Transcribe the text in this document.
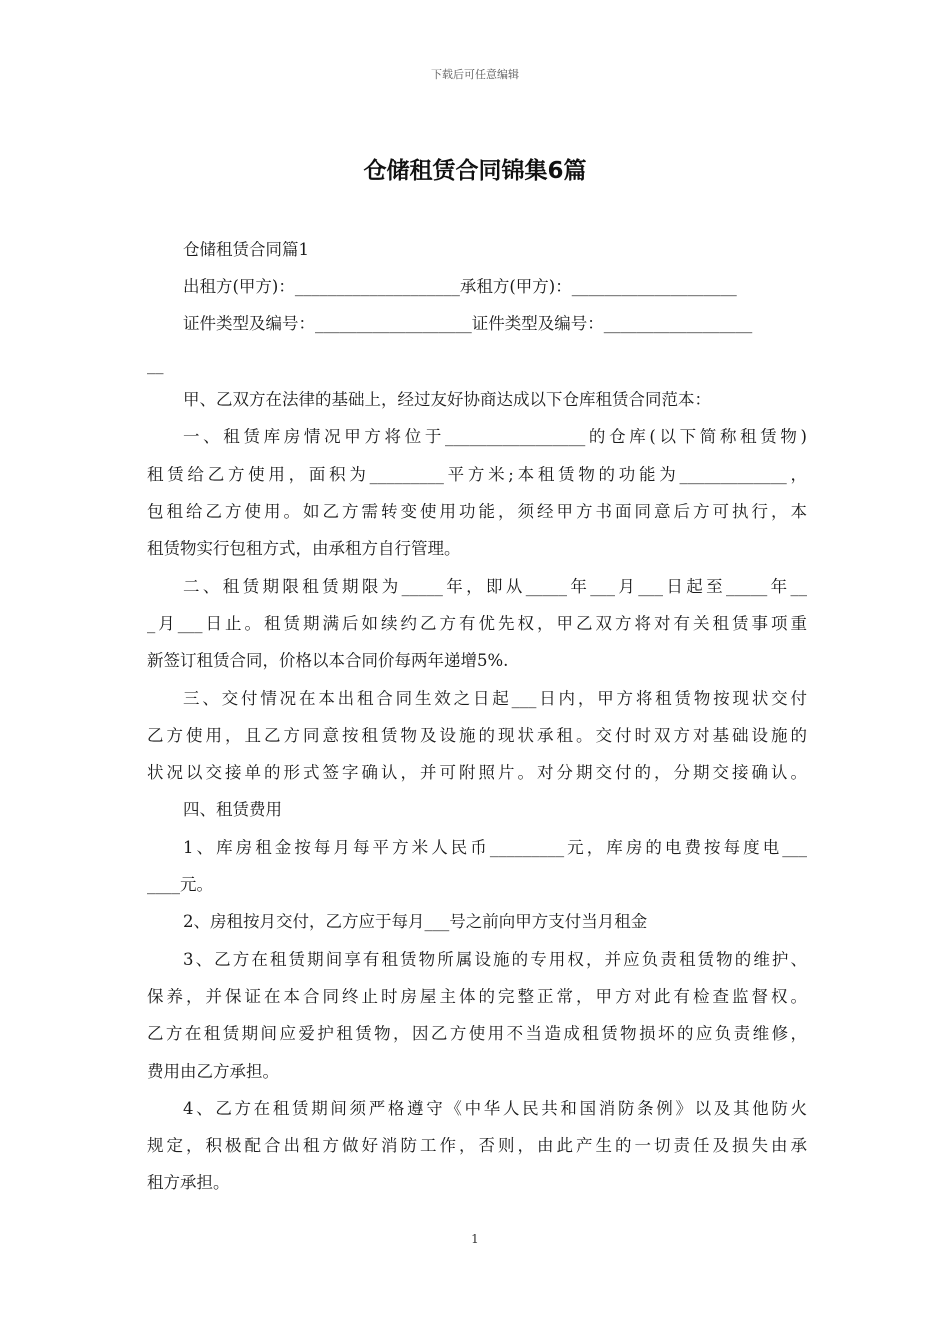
下载后可任意编辑
仓储租赁合同锦集6篇
仓储租赁合同篇1
出租方(甲方)：____________________承租方(甲方)：____________________
证件类型及编号：___________________证件类型及编号：__________________
__
甲、乙双方在法律的基础上，经过友好协商达成以下仓库租赁合同范本：
一、租赁库房情况甲方将位于_________________的仓库(以下简称租赁物)
租赁给乙方使用，面积为_________平方米;本租赁物的功能为_____________，
包租给乙方使用。如乙方需转变使用功能，须经甲方书面同意后方可执行，本
租赁物实行包租方式，由承租方自行管理。
二、租赁期限租赁期限为_____年，即从_____年___月___日起至_____年__
_月___日止。租赁期满后如续约乙方有优先权，甲乙双方将对有关租赁事项重
新签订租赁合同，价格以本合同价每两年递增5%.
三、交付情况在本出租合同生效之日起___日内，甲方将租赁物按现状交付
乙方使用，且乙方同意按租赁物及设施的现状承租。交付时双方对基础设施的
状况以交接单的形式签字确认，并可附照片。对分期交付的，分期交接确认。
四、租赁费用
1、库房租金按每月每平方米人民币_________元，库房的电费按每度电___
____元。
2、房租按月交付，乙方应于每月___号之前向甲方支付当月租金
3、乙方在租赁期间享有租赁物所属设施的专用权，并应负责租赁物的维护、
保养，并保证在本合同终止时房屋主体的完整正常，甲方对此有检查监督权。
乙方在租赁期间应爱护租赁物，因乙方使用不当造成租赁物损坏的应负责维修，
费用由乙方承担。
4、乙方在租赁期间须严格遵守《中华人民共和国消防条例》以及其他防火
规定，积极配合出租方做好消防工作，否则，由此产生的一切责任及损失由承
租方承担。
1
